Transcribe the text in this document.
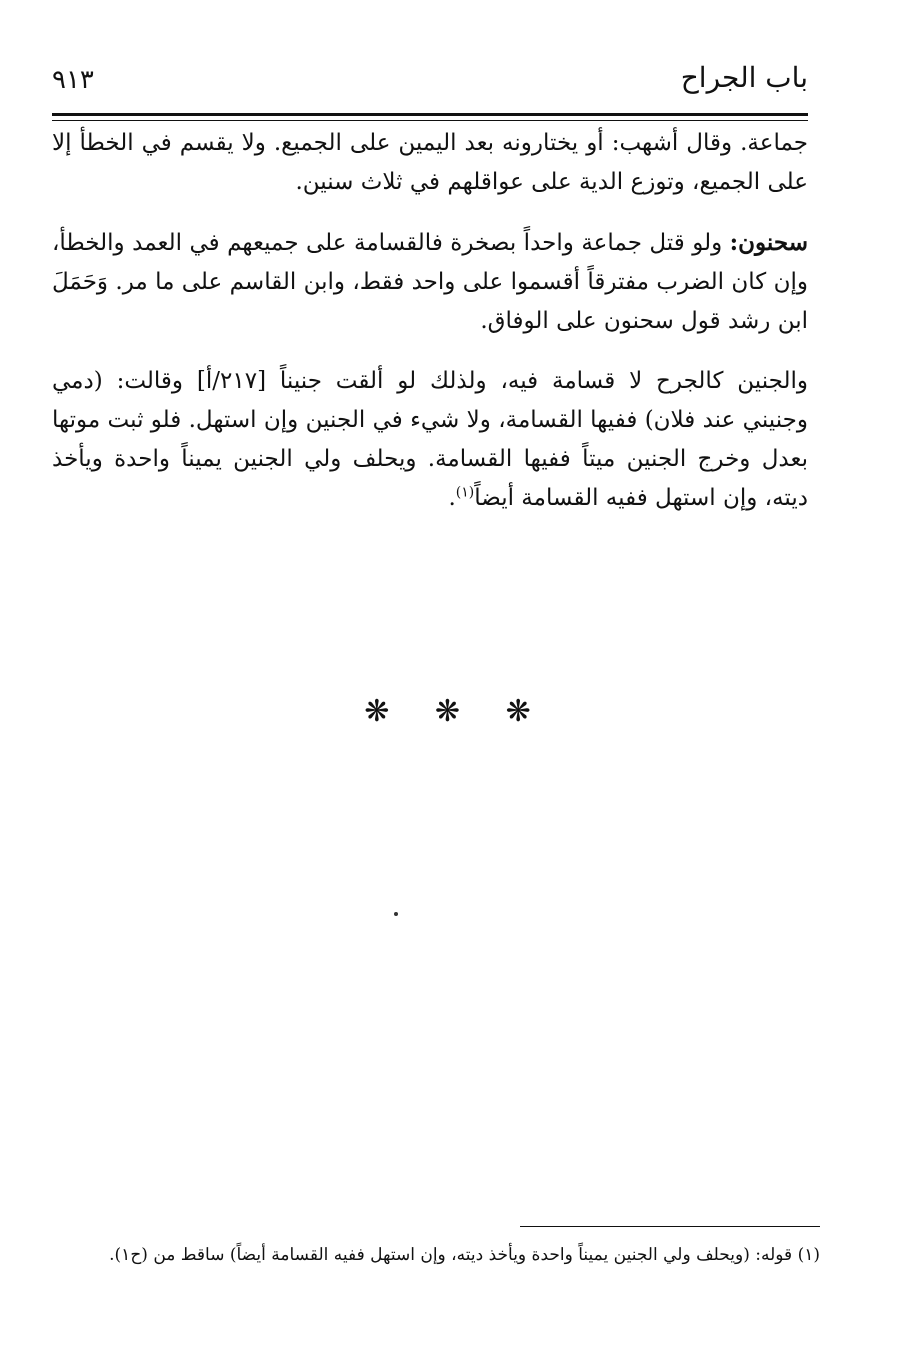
باب الجراح
٩١٣

جماعة. وقال أشهب: أو يختارونه بعد اليمين على الجميع. ولا يقسم في الخطأ إلا على الجميع، وتوزع الدية على عواقلهم في ثلاث سنين.

سحنون: ولو قتل جماعة واحداً بصخرة فالقسامة على جميعهم في العمد والخطأ، وإن كان الضرب مفترقاً أقسموا على واحد فقط، وابن القاسم على ما مر. وَحَمَلَ ابن رشد قول سحنون على الوفاق.

والجنين كالجرح لا قسامة فيه، ولذلك لو ألقت جنيناً [٢١٧/أ] وقالت: (دمي وجنيني عند فلان) ففيها القسامة، ولا شيء في الجنين وإن استهل. فلو ثبت موتها بعدل وخرج الجنين ميتاً ففيها القسامة. ويحلف ولي الجنين يميناً واحدة ويأخذ ديته، وإن استهل ففيه القسامة أيضاً$^{(١)}$.

❋ ❋ ❋
(١) قوله: (ويحلف ولي الجنين يميناً واحدة ويأخذ ديته، وإن استهل ففيه القسامة أيضاً) ساقط من (ح١).
